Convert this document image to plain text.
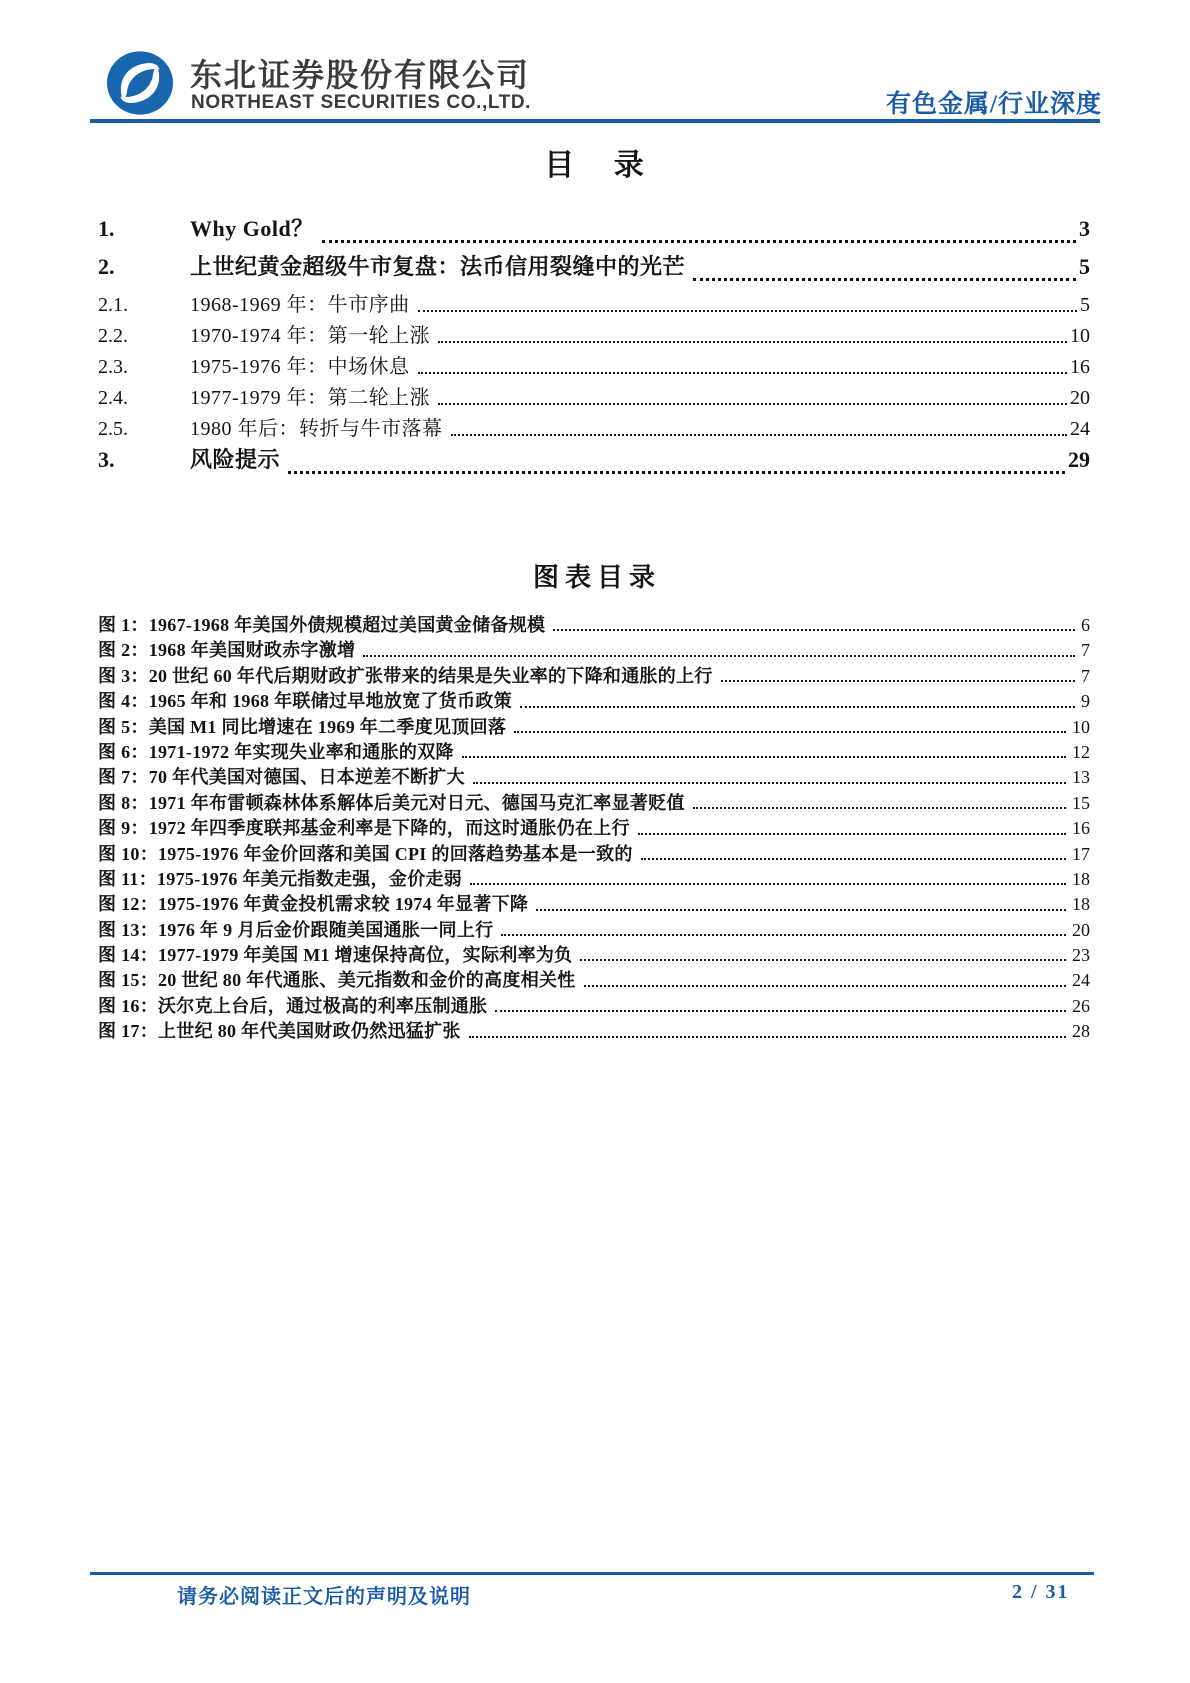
东北证券股份有限公司
NORTHEAST SECURITIES CO.,LTD.	有色金属/行业深度
目 录
1.	Why Gold？	3
2.	上世纪黄金超级牛市复盘：法币信用裂缝中的光芒	5
2.1.	1968-1969 年：牛市序曲	5
2.2.	1970-1974 年：第一轮上涨	10
2.3.	1975-1976 年：中场休息	16
2.4.	1977-1979 年：第二轮上涨	20
2.5.	1980 年后：转折与牛市落幕	24
3.	风险提示	29
图表目录
图 1：1967-1968 年美国外债规模超过美国黄金储备规模	6
图 2：1968 年美国财政赤字激增	7
图 3：20 世纪 60 年代后期财政扩张带来的结果是失业率的下降和通胀的上行	7
图 4：1965 年和 1968 年联储过早地放宽了货币政策	9
图 5：美国 M1 同比增速在 1969 年二季度见顶回落	10
图 6：1971-1972 年实现失业率和通胀的双降	12
图 7：70 年代美国对德国、日本逆差不断扩大	13
图 8：1971 年布雷顿森林体系解体后美元对日元、德国马克汇率显著贬值	15
图 9：1972 年四季度联邦基金利率是下降的，而这时通胀仍在上行	16
图 10：1975-1976 年金价回落和美国 CPI 的回落趋势基本是一致的	17
图 11：1975-1976 年美元指数走强，金价走弱	18
图 12：1975-1976 年黄金投机需求较 1974 年显著下降	18
图 13：1976 年 9 月后金价跟随美国通胀一同上行	20
图 14：1977-1979 年美国 M1 增速保持高位，实际利率为负	23
图 15：20 世纪 80 年代通胀、美元指数和金价的高度相关性	24
图 16：沃尔克上台后，通过极高的利率压制通胀	26
图 17：上世纪 80 年代美国财政仍然迅猛扩张	28
请务必阅读正文后的声明及说明	2 / 31
